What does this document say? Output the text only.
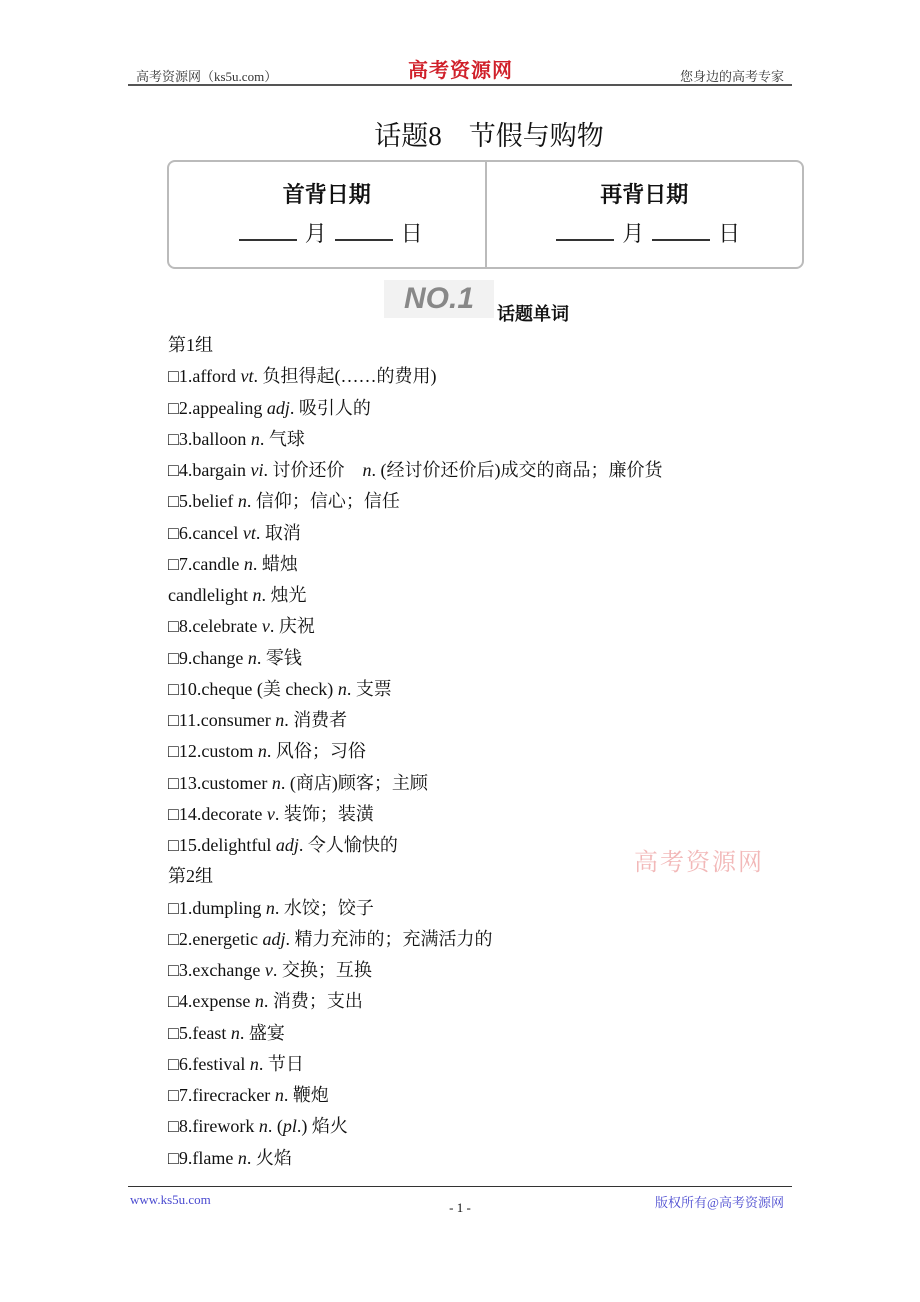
高考资源网（ks5u.com）	高考资源网	您身边的高考专家
话题8　节假与购物
首背日期
月	日
再背日期
月	日
NO.1	话题单词
第1组
□1.afford vt. 负担得起(……的费用)
□2.appealing adj. 吸引人的
□3.balloon n. 气球
□4.bargain vi. 讨价还价　n. (经讨价还价后)成交的商品；廉价货
□5.belief n. 信仰；信心；信任
□6.cancel vt. 取消
□7.candle n. 蜡烛
candlelight n. 烛光
□8.celebrate v. 庆祝
□9.change n. 零钱
□10.cheque (美 check) n. 支票
□11.consumer n. 消费者
□12.custom n. 风俗；习俗
□13.customer n. (商店)顾客；主顾
□14.decorate v. 装饰；装潢
□15.delightful adj. 令人愉快的
第2组
□1.dumpling n. 水饺；饺子
□2.energetic adj. 精力充沛的；充满活力的
□3.exchange v. 交换；互换
□4.expense n. 消费；支出
□5.feast n. 盛宴
□6.festival n. 节日
□7.firecracker n. 鞭炮
□8.firework n. (pl.) 焰火
□9.flame n. 火焰
高考资源网
www.ks5u.com
- 1 -	版权所有@高考资源网
